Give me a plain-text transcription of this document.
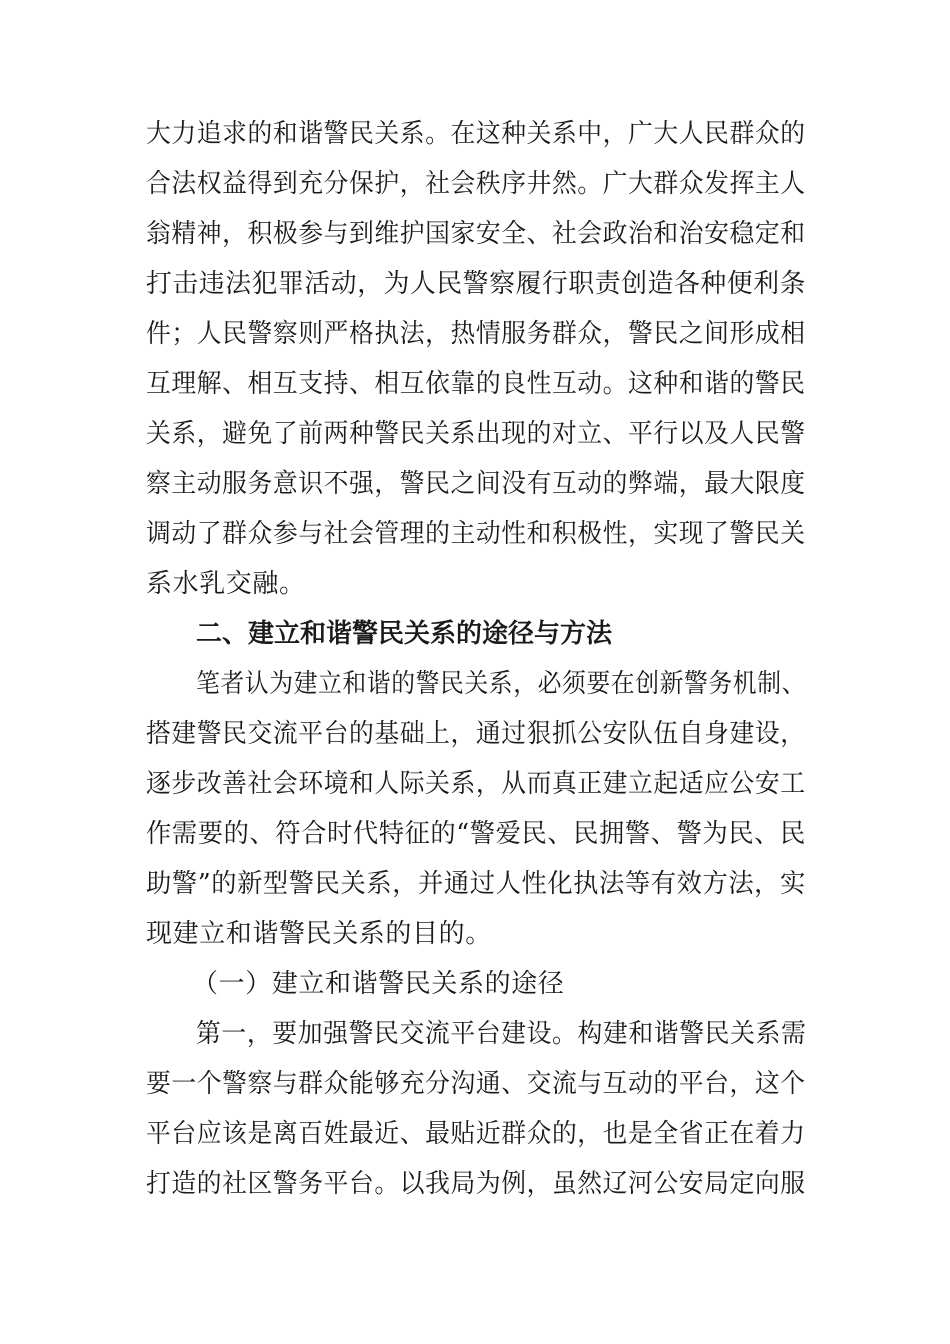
大力追求的和谐警民关系。在这种关系中，广大人民群众的
合法权益得到充分保护，社会秩序井然。广大群众发挥主人
翁精神，积极参与到维护国家安全、社会政治和治安稳定和
打击违法犯罪活动，为人民警察履行职责创造各种便利条
件；人民警察则严格执法，热情服务群众，警民之间形成相
互理解、相互支持、相互依靠的良性互动。这种和谐的警民
关系，避免了前两种警民关系出现的对立、平行以及人民警
察主动服务意识不强，警民之间没有互动的弊端，最大限度
调动了群众参与社会管理的主动性和积极性，实现了警民关
系水乳交融。
二、建立和谐警民关系的途径与方法
笔者认为建立和谐的警民关系，必须要在创新警务机制、
搭建警民交流平台的基础上，通过狠抓公安队伍自身建设，
逐步改善社会环境和人际关系，从而真正建立起适应公安工
作需要的、符合时代特征的“警爱民、民拥警、警为民、民
助警”的新型警民关系，并通过人性化执法等有效方法，实
现建立和谐警民关系的目的。
（一）建立和谐警民关系的途径
第一，要加强警民交流平台建设。构建和谐警民关系需
要一个警察与群众能够充分沟通、交流与互动的平台，这个
平台应该是离百姓最近、最贴近群众的，也是全省正在着力
打造的社区警务平台。以我局为例，虽然辽河公安局定向服
